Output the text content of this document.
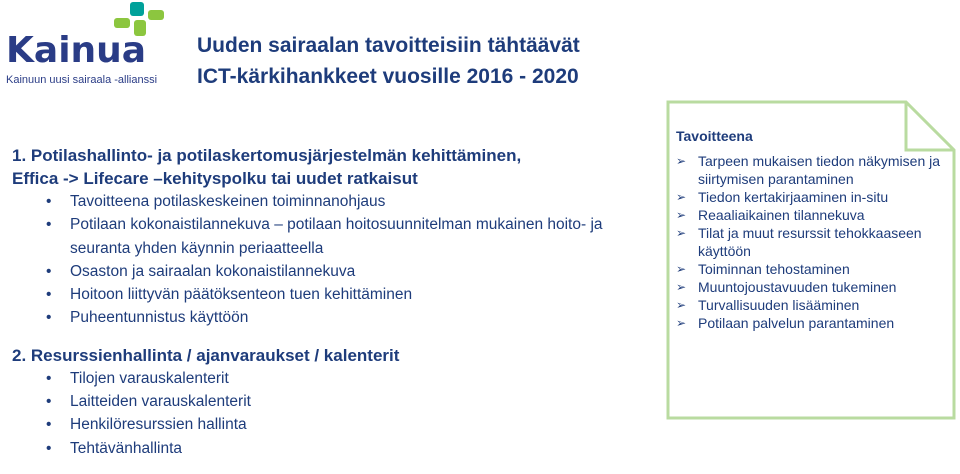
Kainua
Kainuun uusi sairaala -allianssi
Uuden sairaalan tavoitteisiin tähtäävät
ICT-kärkihankkeet vuosille 2016 - 2020
1. Potilashallinto- ja potilaskertomusjärjestelmän kehittäminen,
Effica -> Lifecare –kehityspolku tai uudet ratkaisut
• Tavoitteena potilaskeskeinen toiminnanohjaus
• Potilaan kokonaistilannekuva – potilaan hoitosuunnitelman mukainen hoito- ja seuranta yhden käynnin periaatteella
• Osaston ja sairaalan kokonaistilannekuva
• Hoitoon liittyvän päätöksenteon tuen kehittäminen
• Puheentunnistus käyttöön
2. Resurssienhallinta / ajanvaraukset / kalenterit
• Tilojen varauskalenterit
• Laitteiden varauskalenterit
• Henkilöresurssien hallinta
• Tehtävänhallinta
Tavoitteena
➢ Tarpeen mukaisen tiedon näkymisen ja siirtymisen parantaminen
➢ Tiedon kertakirjaaminen in-situ
➢ Reaaliaikainen tilannekuva
➢ Tilat ja muut resurssit tehokkaaseen käyttöön
➢ Toiminnan tehostaminen
➢ Muuntojoustavuuden tukeminen
➢ Turvallisuuden lisääminen
➢ Potilaan palvelun parantaminen
